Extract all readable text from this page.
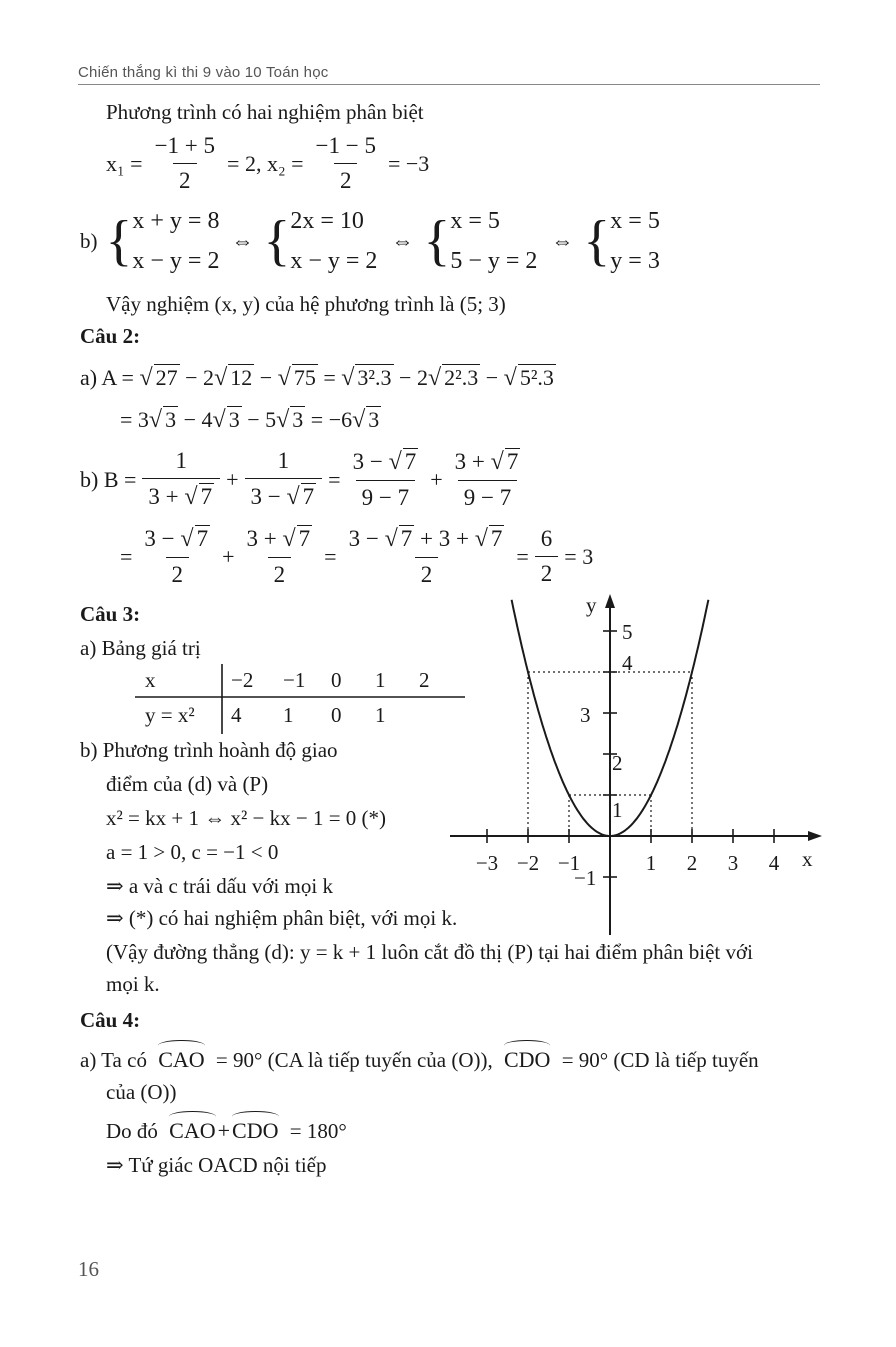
Chiến thắng kì thi 9 vào 10 Toán học
Phương trình có hai nghiệm phân biệt
$x_1 = \frac{-1 + 5}{2} = 2$, $x_2 = \frac{-1 - 5}{2} = -3$
b) { x + y = 8
x − y = 2
⇔ { 2x = 10
x − y = 2
⇔ { x = 5
5 − y = 2
⇔ { x = 5
y = 3
Vậy nghiệm (x, y) của hệ phương trình là (5; 3)
Câu 2:
a) A = √ 27 − 2√ 12 − √ 75 = √ 3².3 − 2√ 2².3 − √ 5².3
= 3√ 3 − 4√ 3 − 5√ 3 = −6√ 3
b) $B = \frac{1}{3 + √ 7} + \frac{1}{3 - √ 7} = \frac{3 - √ 7}{9 - 7} + \frac{3 + √ 7}{9 - 7}$
= $\frac{3 - √ 7}{2} + \frac{3 + √ 7}{2} = \frac{3 - √ 7 + 3 + √ 7}{2} = \frac{6}{2} = 3$
Câu 3:
a) Bảng giá trị
x
y = x²
−2 −1 0 1 2
4 1 0 1
b) Phương trình hoành độ giao
điểm của (d) và (P)
x² = kx + 1 ⇔ x² − kx − 1 = 0 (*)
a = 1 > 0, c = −1 < 0
⇒ a và c trái dấu với mọi k
⇒ (*) có hai nghiệm phân biệt, với mọi k.
(Vậy đường thẳng (d): y = k + 1 luôn cắt đồ thị (P) tại hai điểm phân biệt với
mọi k.
−3 −2 −1	1 2 3 4
5
4
3
2
1
−1
x
y
Câu 4:
a) Ta có CAO = 90° (CA là tiếp tuyến của (O)), CDO = 90° (CD là tiếp tuyến
của (O))
Do đó CAO+CDO = 180°
⇒ Tứ giác OACD nội tiếp
16
